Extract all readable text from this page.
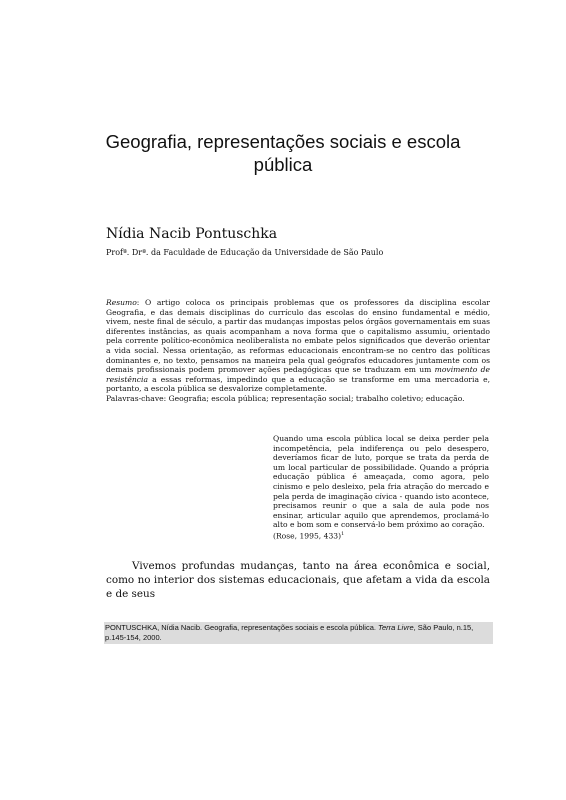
Geografia, representações sociais e escola pública
Nídia Nacib Pontuschka
Profª. Drª. da Faculdade de Educação da Universidade de São Paulo

Resumo: O artigo coloca os principais problemas que os professores da disciplina escolar Geografia, e das demais disciplinas do currículo das escolas do ensino fundamental e médio, vivem, neste final de século, a partir das mudanças impostas pelos órgãos governamentais em suas diferentes instâncias, as quais acompanham a nova forma que o capitalismo assumiu, orientado pela corrente político-econômica neoliberalista no embate pelos significados que deverão orientar a vida social. Nessa orientação, as reformas educacionais encontram-se no centro das políticas dominantes e, no texto, pensamos na maneira pela qual geógrafos educadores juntamente com os demais profissionais podem promover ações pedagógicas que se traduzam em um movimento de resistência a essas reformas, impedindo que a educação se transforme em uma mercadoria e, portanto, a escola pública se desvalorize completamente.

Palavras-chave: Geografia; escola pública; representação social; trabalho coletivo; educação.

Quando uma escola pública local se deixa perder pela incompetência, pela indiferença ou pelo desespero, deveríamos ficar de luto, porque se trata da perda de um local particular de possibilidade. Quando a própria educação pública é ameaçada, como agora, pelo cinismo e pelo desleixo, pela fria atração do mercado e pela perda de imaginação cívica - quando isto acontece, precisamos reunir o que a sala de aula pode nos ensinar, articular aquilo que aprendemos, proclamá-lo alto e bom som e conservá-lo bem próximo ao coração.
(Rose, 1995, 433)$^1$

Vivemos profundas mudanças, tanto na área econômica e social, como no interior dos sistemas educacionais, que afetam a vida da escola e de seus

PONTUSCHKA, Nídia Nacib. Geografia, representações sociais e escola pública. Terra Livre, São Paulo, n.15, p.145-154, 2000.
